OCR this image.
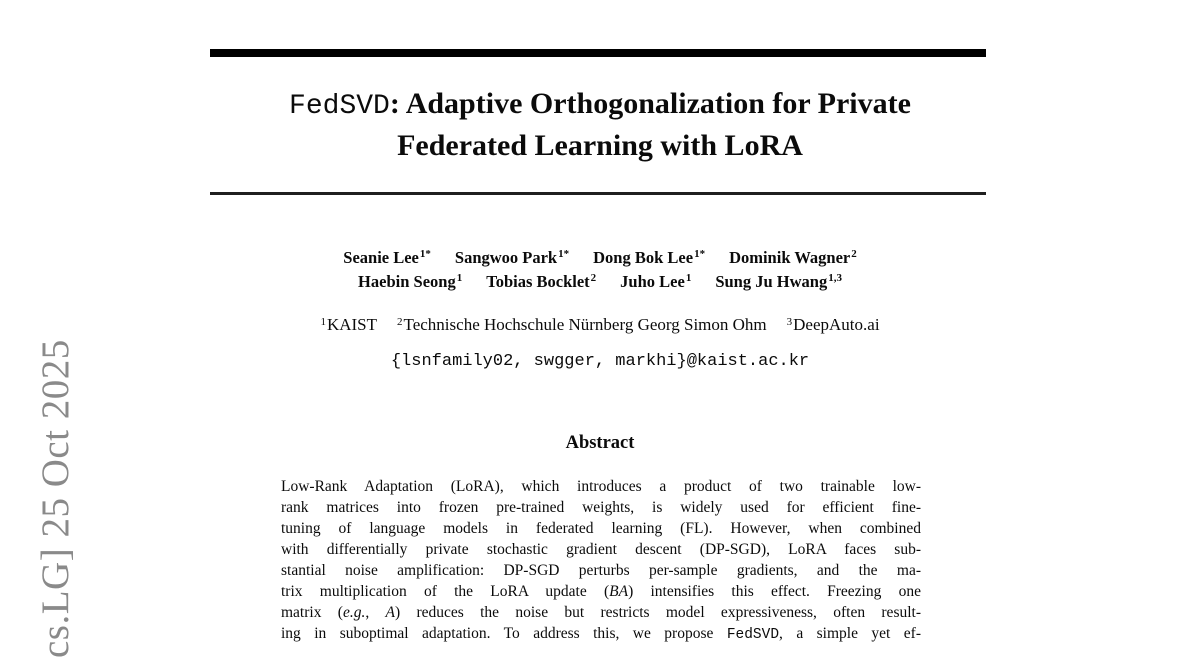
cs.LG] 25 Oct 2025
FedSVD: Adaptive Orthogonalization for Private
Federated Learning with LoRA
Seanie Lee$^{1*}$ Sangwoo Park$^{1*}$ Dong Bok Lee$^{1*}$ Dominik Wagner$^2$
Haebin Seong$^1$ Tobias Bocklet$^2$ Juho Lee$^1$ Sung Ju Hwang$^{1,3}$
$^1$KAIST $^2$Technische Hochschule Nürnberg Georg Simon Ohm $^3$DeepAuto.ai
{lsnfamily02, swgger, markhi}@kaist.ac.kr
Abstract
Low-Rank Adaptation (LoRA), which introduces a product of two trainable low-
rank matrices into frozen pre-trained weights, is widely used for efficient fine-
tuning of language models in federated learning (FL). However, when combined
with differentially private stochastic gradient descent (DP-SGD), LoRA faces sub-
stantial noise amplification: DP-SGD perturbs per-sample gradients, and the ma-
trix multiplication of the LoRA update (BA) intensifies this effect. Freezing one
matrix (e.g., A) reduces the noise but restricts model expressiveness, often result-
ing in suboptimal adaptation. To address this, we propose FedSVD, a simple yet ef-
